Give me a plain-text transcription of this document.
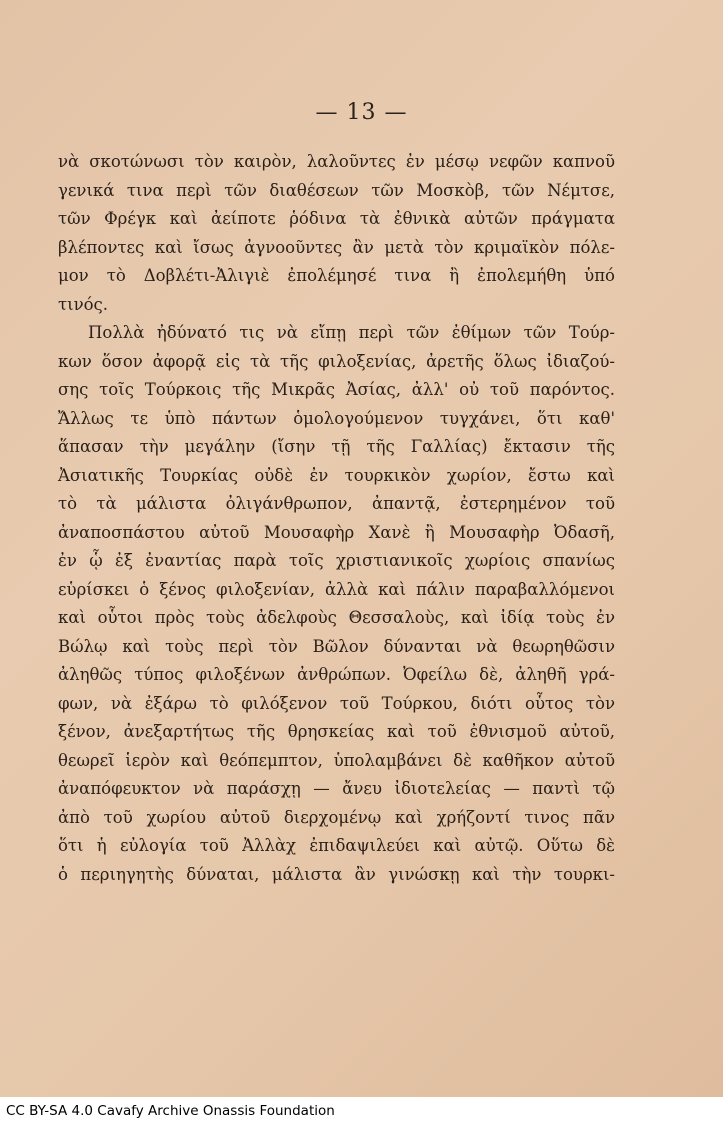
— 13 —
νὰ σκοτώνωσι τὸν καιρὸν, λαλοῦντες ἐν μέσῳ νεφῶν καπνοῦ
γενικά τινα περὶ τῶν διαθέσεων τῶν Μοσκὸβ, τῶν Νέμτσε,
τῶν Φρέγκ καὶ ἀείποτε ῥόδινα τὰ ἐθνικὰ αὐτῶν πράγματα
βλέποντες καὶ ἴσως ἀγνοοῦντες ἂν μετὰ τὸν κριμαϊκὸν πόλε-
μον τὸ Δοβλέτι-Ἀλιγιὲ ἐπολέμησέ τινα ἢ ἐπολεμήθη ὑπό
τινός.
Πολλὰ ἠδύνατό τις νὰ εἴπῃ περὶ τῶν ἐθίμων τῶν Τούρ-
κων ὅσον ἀφορᾷ εἰς τὰ τῆς φιλοξενίας, ἀρετῆς ὅλως ἰδιαζού-
σης τοῖς Τούρκοις τῆς Μικρᾶς Ἀσίας, ἀλλ' οὐ τοῦ παρόντος.
Ἄλλως τε ὑπὸ πάντων ὁμολογούμενον τυγχάνει, ὅτι καθ'
ἅπασαν τὴν μεγάλην (ἴσην τῇ τῆς Γαλλίας) ἔκτασιν τῆς
Ἀσιατικῆς Τουρκίας οὐδὲ ἐν τουρκικὸν χωρίον, ἔστω καὶ
τὸ τὰ μάλιστα ὀλιγάνθρωπον, ἀπαντᾷ, ἐστερημένον τοῦ
ἀναποσπάστου αὐτοῦ Μουσαφὴρ Χανὲ ἢ Μουσαφὴρ Ὀδασῆ,
ἐν ᾧ ἐξ ἐναντίας παρὰ τοῖς χριστιανικοῖς χωρίοις σπανίως
εὑρίσκει ὁ ξένος φιλοξενίαν, ἀλλὰ καὶ πάλιν παραβαλλόμενοι
καὶ οὗτοι πρὸς τοὺς ἀδελφοὺς Θεσσαλοὺς, καὶ ἰδίᾳ τοὺς ἐν
Βώλῳ καὶ τοὺς περὶ τὸν Βῶλον δύνανται νὰ θεωρηθῶσιν
ἀληθῶς τύπος φιλοξένων ἀνθρώπων. Ὀφείλω δὲ, ἀληθῆ γρά-
φων, νὰ ἐξάρω τὸ φιλόξενον τοῦ Τούρκου, διότι οὗτος τὸν
ξένον, ἀνεξαρτήτως τῆς θρησκείας καὶ τοῦ ἐθνισμοῦ αὐτοῦ,
θεωρεῖ ἱερὸν καὶ θεόπεμπτον, ὑπολαμβάνει δὲ καθῆκον αὐτοῦ
ἀναπόφευκτον νὰ παράσχῃ — ἄνευ ἰδιοτελείας — παντὶ τῷ
ἀπὸ τοῦ χωρίου αὐτοῦ διερχομένῳ καὶ χρήζοντί τινος πᾶν
ὅτι ἡ εὐλογία τοῦ Ἀλλὰχ ἐπιδαψιλεύει καὶ αὐτῷ. Οὕτω δὲ
ὁ περιηγητὴς δύναται, μάλιστα ἂν γινώσκῃ καὶ τὴν τουρκι-
CC BY-SA 4.0 Cavafy Archive Onassis Foundation
